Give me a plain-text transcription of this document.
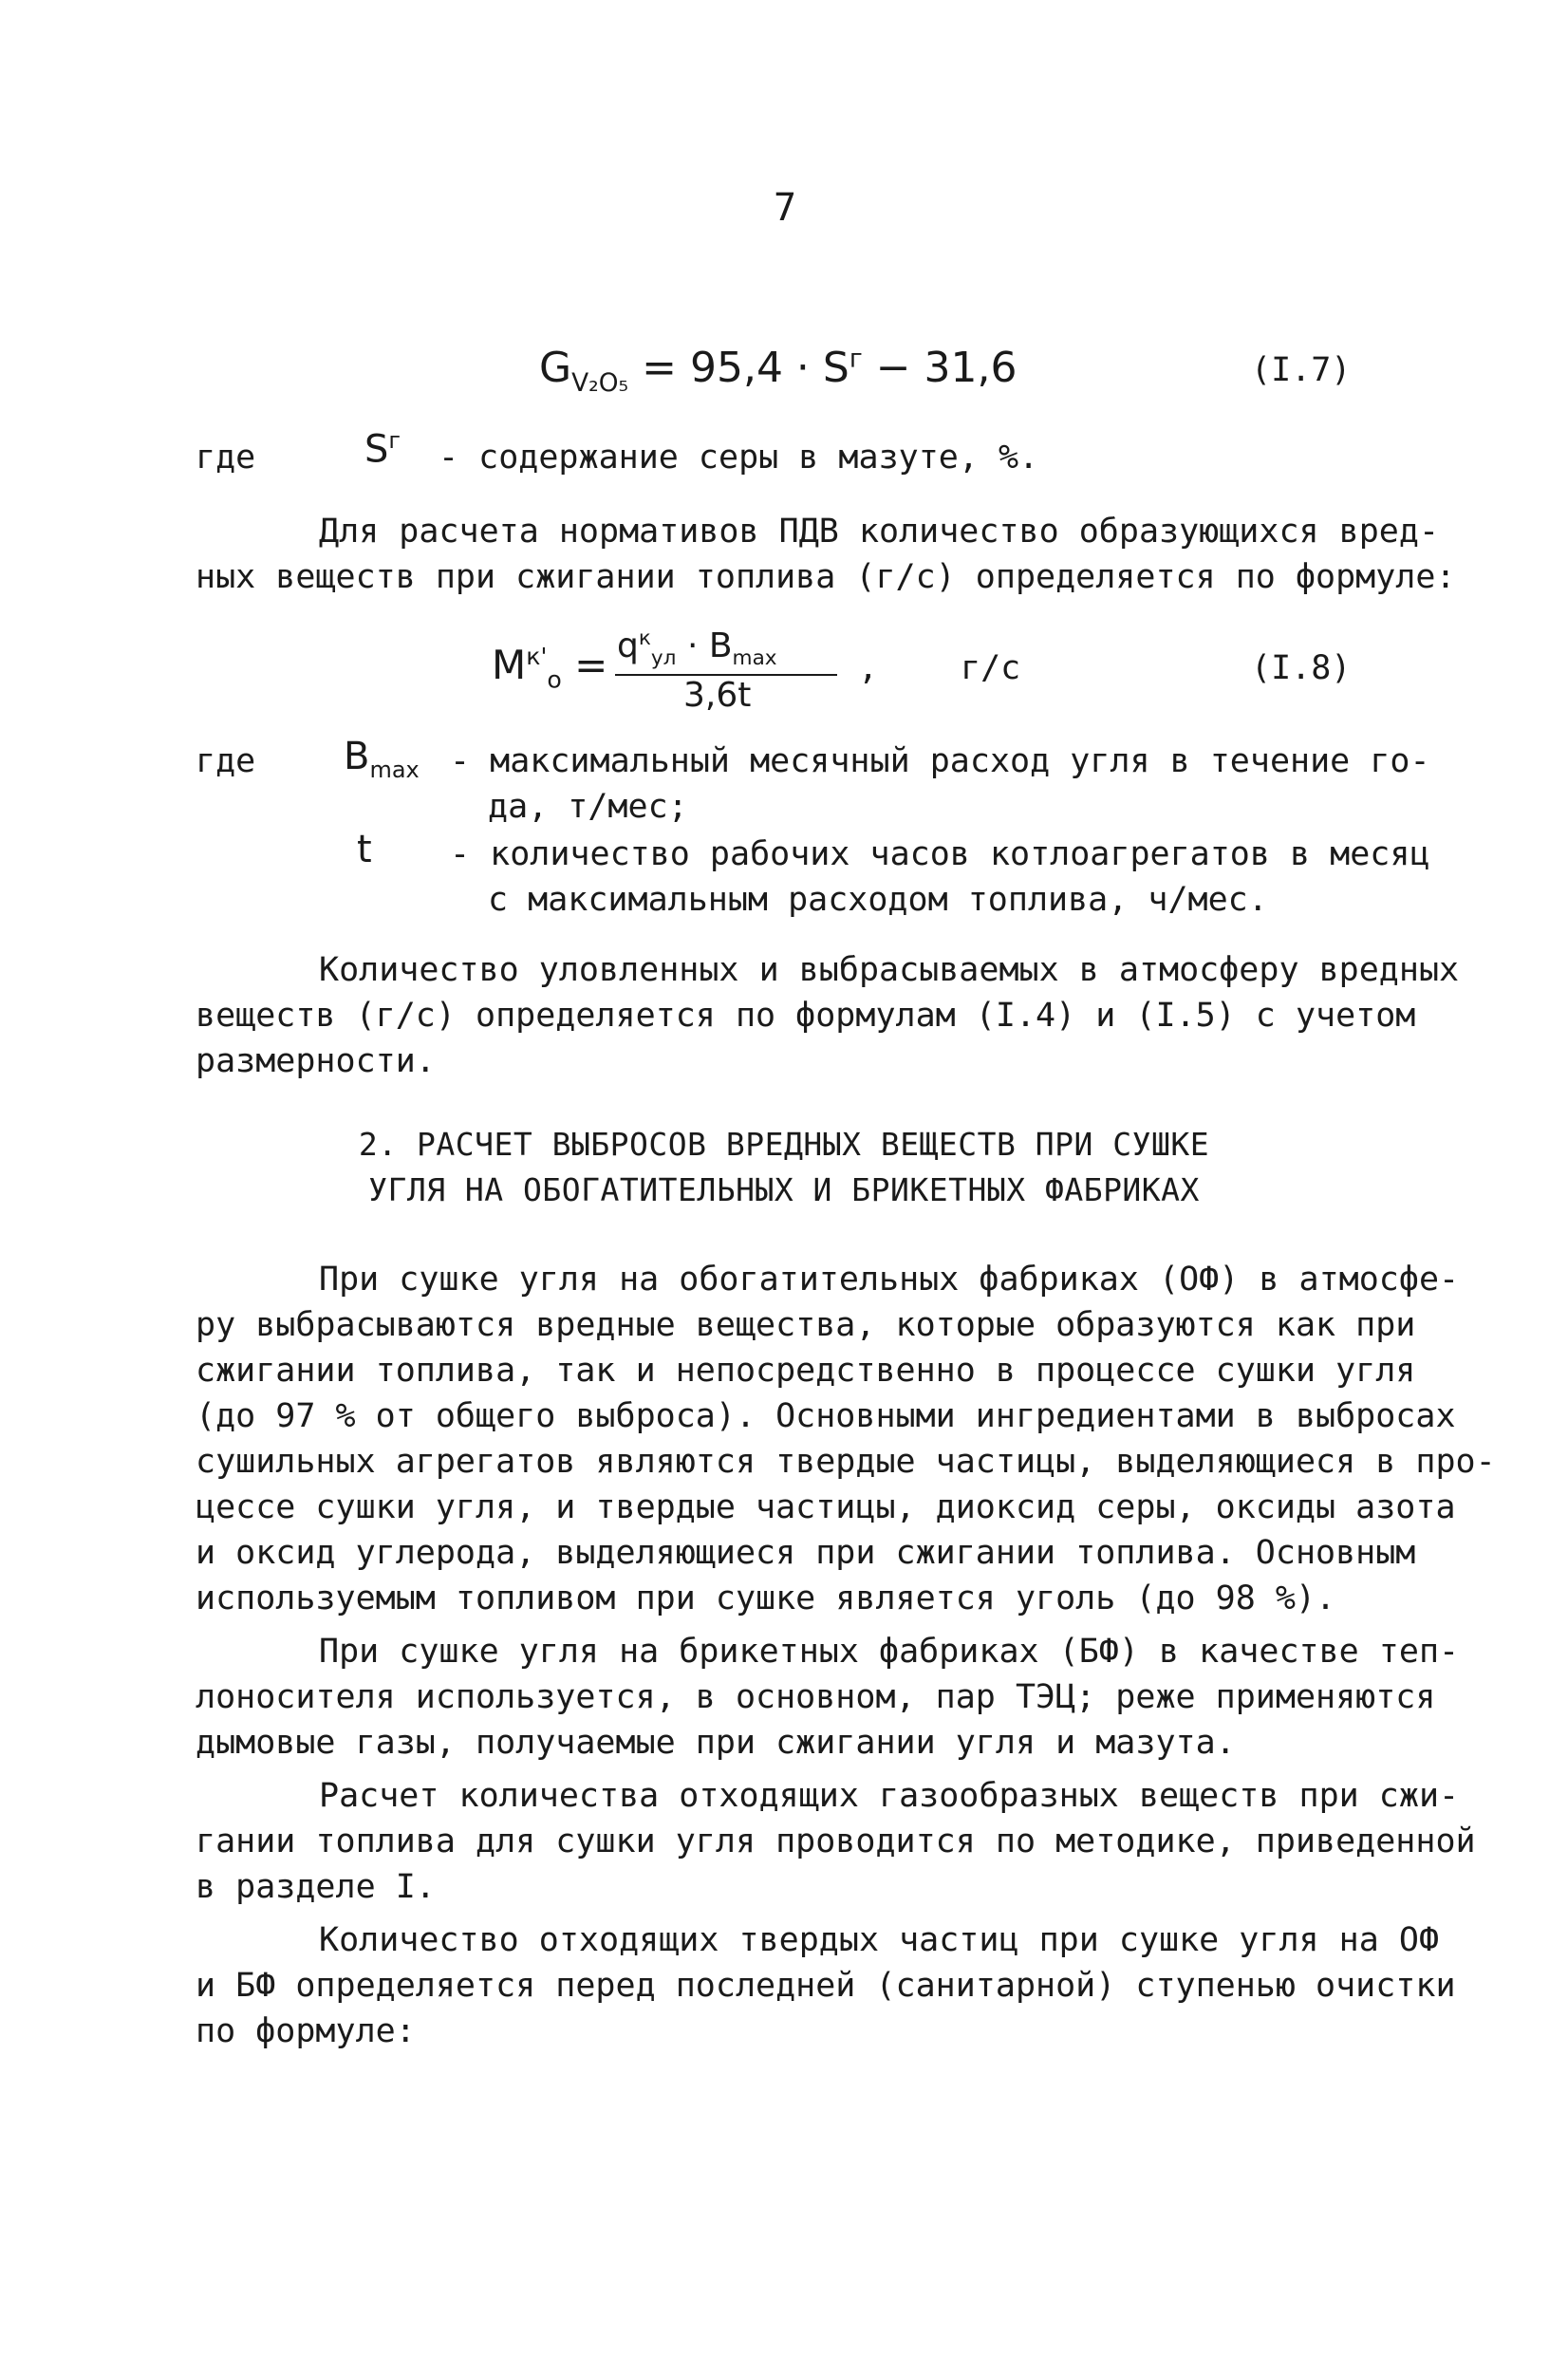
7
$G_{V_2O_5} = 95,4 \cdot S^г - 31,6$	(I.7)
где	$S^г$ - содержание серы в мазуте, %.
Для расчета нормативов ПДВ количество образующихся вред-
ных веществ при сжигании топлива (г/с) определяется по формуле:
$M^{к'}_о = q^к_{ул} \cdot B_{max}$
3,6t
, г/с	(I.8)
где $B_{max}$ - максимальный месячный расход угля в течение го-
да, т/мес;
t - количество рабочих часов котлоагрегатов в месяц
с максимальным расходом топлива, ч/мес.
Количество уловленных и выбрасываемых в атмосферу вредных
веществ (г/с) определяется по формулам (I.4) и (I.5) с учетом
размерности.
2. РАСЧЕТ ВЫБРОСОВ ВРЕДНЫХ ВЕЩЕСТВ ПРИ СУШКЕ
УГЛЯ НА ОБОГАТИТЕЛЬНЫХ И БРИКЕТНЫХ ФАБРИКАХ
При сушке угля на обогатительных фабриках (ОФ) в атмосфе-
ру выбрасываются вредные вещества, которые образуются как при
сжигании топлива, так и непосредственно в процессе сушки угля
(до 97 % от общего выброса). Основными ингредиентами в выбросах
сушильных агрегатов являются твердые частицы, выделяющиеся в про-
цессе сушки угля, и твердые частицы, диоксид серы, оксиды азота
и оксид углерода, выделяющиеся при сжигании топлива. Основным
используемым топливом при сушке является уголь (до 98 %).
При сушке угля на брикетных фабриках (БФ) в качестве теп-
лоносителя используется, в основном, пар ТЭЦ; реже применяются
дымовые газы, получаемые при сжигании угля и мазута.
Расчет количества отходящих газообразных веществ при сжи-
гании топлива для сушки угля проводится по методике, приведенной
в разделе I.
Количество отходящих твердых частиц при сушке угля на ОФ
и БФ определяется перед последней (санитарной) ступенью очистки
по формуле:
